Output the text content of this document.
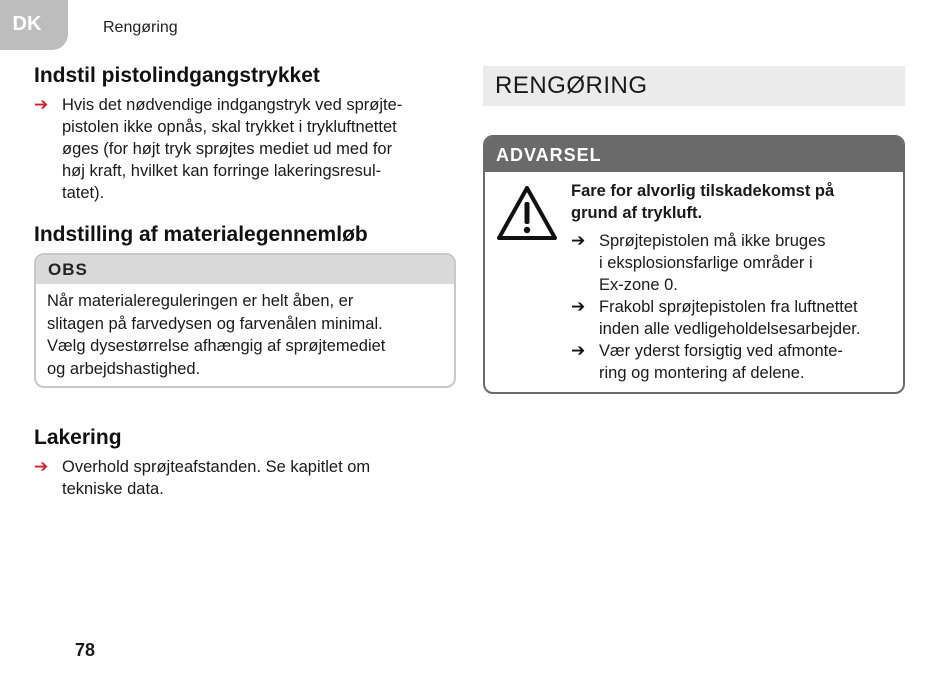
DK	Rengøring
Indstil pistolindgangstrykket
➔ Hvis det nødvendige indgangstryk ved sprøjte-
pistolen ikke opnås, skal trykket i trykluftnettet
øges (for højt tryk sprøjtes mediet ud med for
høj kraft, hvilket kan forringe lakeringsresul-
tatet).
Indstilling af materialegennemløb
OBS
Når materialereguleringen er helt åben, er
slitagen på farvedysen og farvenålen minimal.
Vælg dysestørrelse afhængig af sprøjtemediet
og arbejdshastighed.
Lakering
➔ Overhold sprøjteafstanden. Se kapitlet om
tekniske data.
RENGØRING
ADVARSEL
Fare for alvorlig tilskadekomst på
grund af trykluft.
➔ Sprøjtepistolen må ikke bruges
i eksplosionsfarlige områder i
Ex-zone 0.
➔ Frakobl sprøjtepistolen fra luftnettet
inden alle vedligeholdelsesarbejder.
➔ Vær yderst forsigtig ved afmonte-
ring og montering af delene.
78
